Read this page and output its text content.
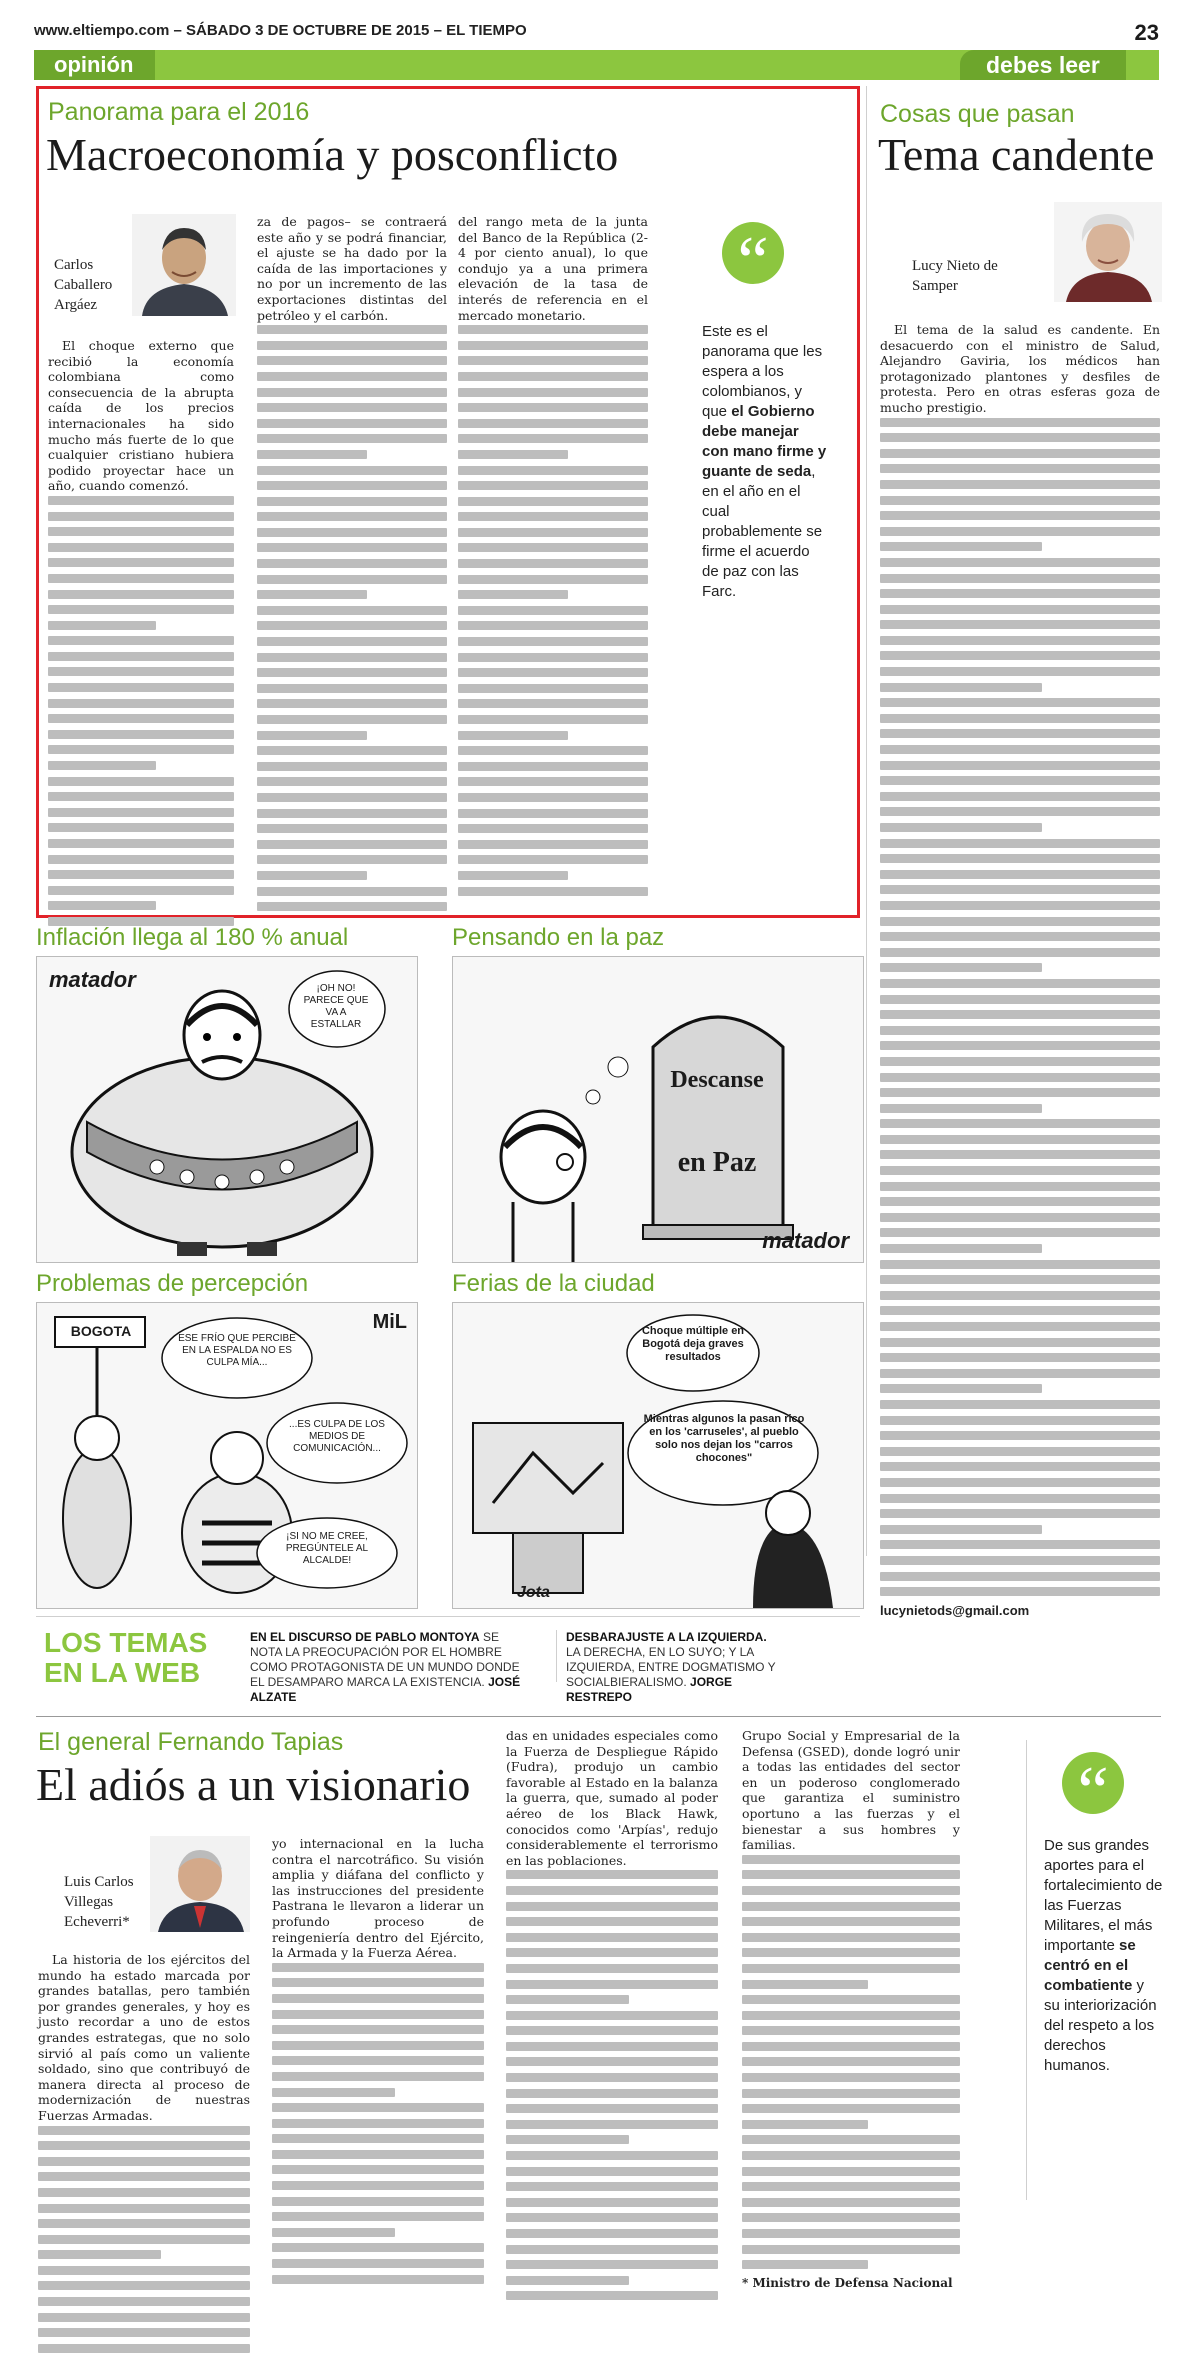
www.eltiempo.com – SÁBADO 3 DE OCTUBRE DE 2015 – EL TIEMPO	23
opinión	debes leer
Panorama para el 2016
Macroeconomía y posconflicto
Carlos Caballero Argáez

El choque externo que recibió la economía colombiana como consecuencia de la abrupta caída de los precios internacionales ha sido mucho más fuerte de lo que cualquier cristiano hubiera podido proyectar hace un año, cuando comenzó.

za de pagos– se contraerá este año y se podrá financiar, el ajuste se ha dado por la caída de las importaciones y no por un incremento de las exportaciones distintas del petróleo y el carbón.

del rango meta de la junta del Banco de la República (2-4 por ciento anual), lo que condujo ya a una primera elevación de la tasa de interés de referencia en el mercado monetario.

“
Este es el panorama que les espera a los colombianos, y que el Gobierno debe manejar con mano firme y guante de seda, en el año en el cual probablemente se firme el acuerdo de paz con las Farc.
Cosas que pasan
Tema candente
Lucy Nieto de Samper

El tema de la salud es candente. En desacuerdo con el ministro de Salud, Alejandro Gaviria, los médicos han protagonizado plantones y desfiles de protesta. Pero en otras esferas goza de mucho prestigio.

lucynietods@gmail.com
Inflación llega al 180 % anual
matador	¡OH NO! PARECE QUE VA A ESTALLAR
Pensando en la paz
Descanse
en Paz
matador
Problemas de percepción
BOGOTA	ESE FRÍO QUE PERCIBE EN LA ESPALDA NO ES CULPA MÍA...
...ES CULPA DE LOS MEDIOS DE COMUNICACIÓN...
¡SI NO ME CREE, PREGÚNTELE AL ALCALDE!
MiL
Ferias de la ciudad
Choque múltiple en Bogotá deja graves resultados
Mientras algunos la pasan rico en los 'carruseles', al pueblo solo nos dejan los "carros chocones"
Jota
LOS TEMAS
EN LA WEB
EN EL DISCURSO DE PABLO MONTOYA SE NOTA LA PREOCUPACIÓN POR EL HOMBRE COMO PROTAGONISTA DE UN MUNDO DONDE EL DESAMPARO MARCA LA EXISTENCIA. JOSÉ ALZATE
DESBARAJUSTE A LA IZQUIERDA. LA DERECHA, EN LO SUYO; Y LA IZQUIERDA, ENTRE DOGMATISMO Y SOCIALBIERALISMO. JORGE RESTREPO
El general Fernando Tapias
El adiós a un visionario
Luis Carlos Villegas Echeverri*

La historia de los ejércitos del mundo ha estado marcada por grandes batallas, pero también por grandes generales, y hoy es justo recordar a uno de estos grandes estrategas, que no solo sirvió al país como un valiente soldado, sino que contribuyó de manera directa al proceso de modernización de nuestras Fuerzas Armadas.

yo internacional en la lucha contra el narcotráfico. Su visión amplia y diáfana del conflicto y las instrucciones del presidente Pastrana le llevaron a liderar un profundo proceso de reingeniería dentro del Ejército, la Armada y la Fuerza Aérea.

das en unidades especiales como la Fuerza de Despliegue Rápido (Fudra), produjo un cambio favorable al Estado en la balanza la guerra, que, sumado al poder aéreo de los Black Hawk, conocidos como 'Arpías', redujo considerablemente el terrorismo en las poblaciones.

Grupo Social y Empresarial de la Defensa (GSED), donde logró unir a todas las entidades del sector en un poderoso conglomerado que garantiza el suministro oportuno a las fuerzas y el bienestar a sus hombres y familias.

* Ministro de Defensa Nacional
“
De sus grandes aportes para el fortalecimiento de las Fuerzas Militares, el más importante se centró en el combatiente y su interiorización del respeto a los derechos humanos.
